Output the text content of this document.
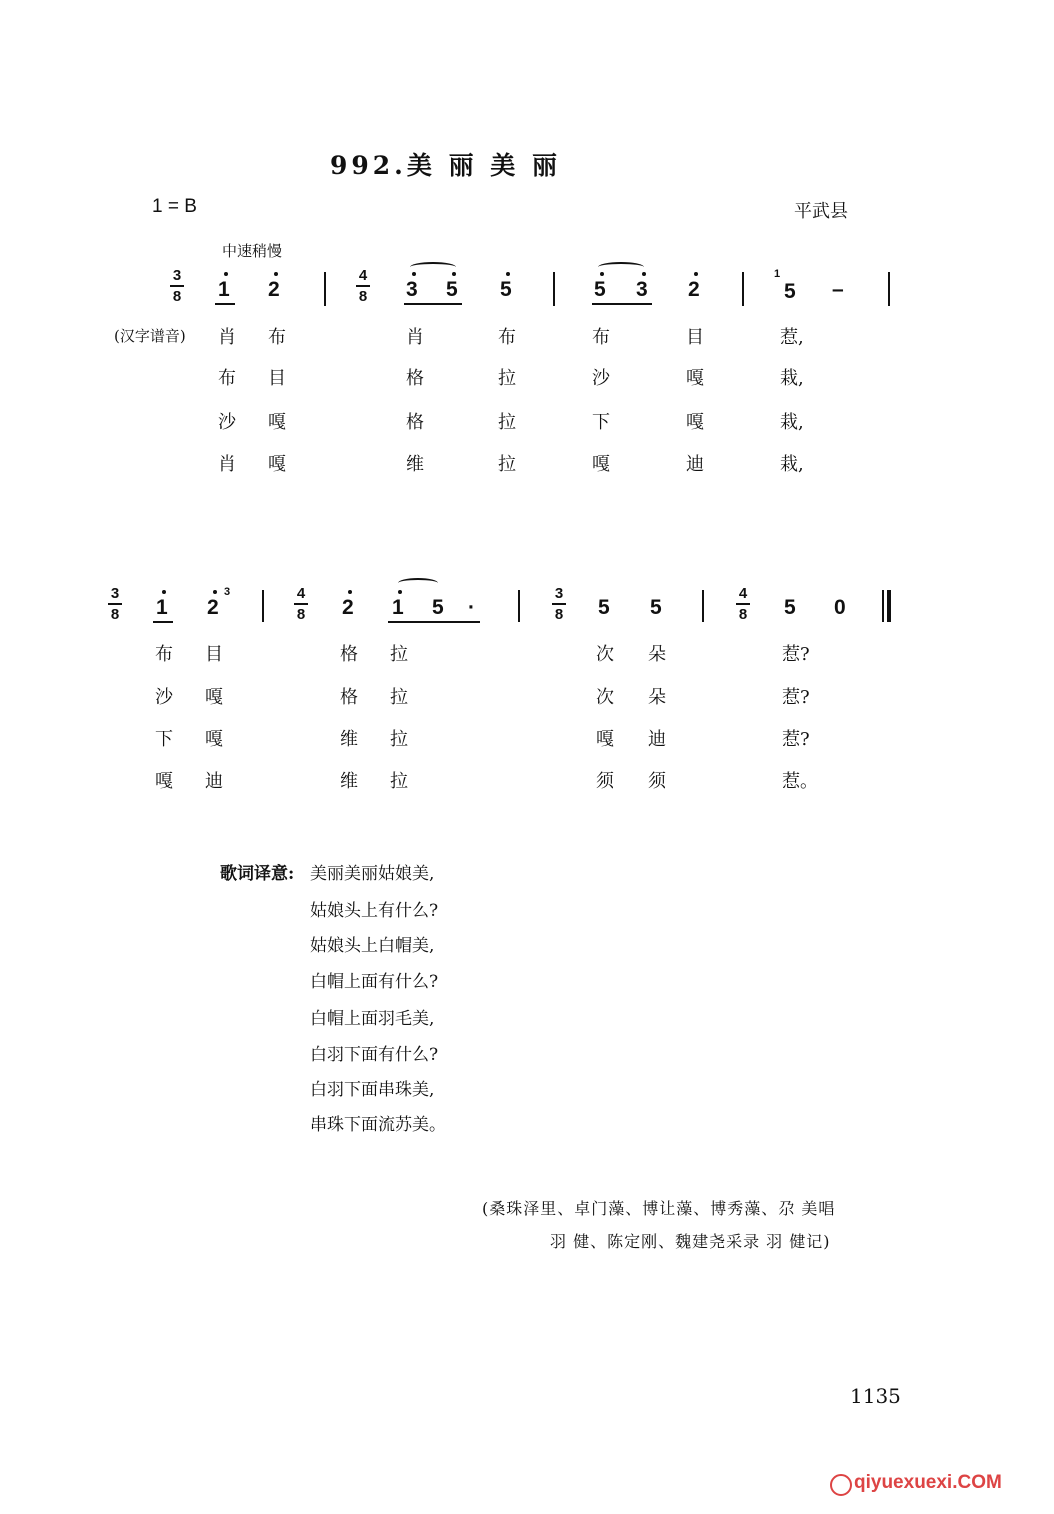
992.美 丽 美 丽
1 = B	平武县
中速稍慢
3
8 1 2
4
8 3 5 5	5 3 2
1
5 –
(汉字谱音) 肖 布	肖	布	布	目	惹,
布 目	格	拉	沙	嘎	栽,
沙 嘎	格	拉	下	嘎	栽,
肖 嘎	维	拉	嘎	迪	栽,
3
8 1 2
3	4
8 2 1 5 ·
3
8 5 5
4
8 5 0
布 目	格 拉	次 朵	惹?
沙 嘎	格 拉	次 朵	惹?
下 嘎	维 拉	嘎 迪	惹?
嘎 迪	维 拉	须 须	惹。
歌词译意: 美丽美丽姑娘美,
姑娘头上有什么?
姑娘头上白帽美,
白帽上面有什么?
白帽上面羽毛美,
白羽下面有什么?
白羽下面串珠美,
串珠下面流苏美。
(桑珠泽里、卓门藻、博让藻、博秀藻、尕 美唱
羽 健、陈定刚、魏建尧采录 羽 健记)
1135
qiyuexuexi.COM
